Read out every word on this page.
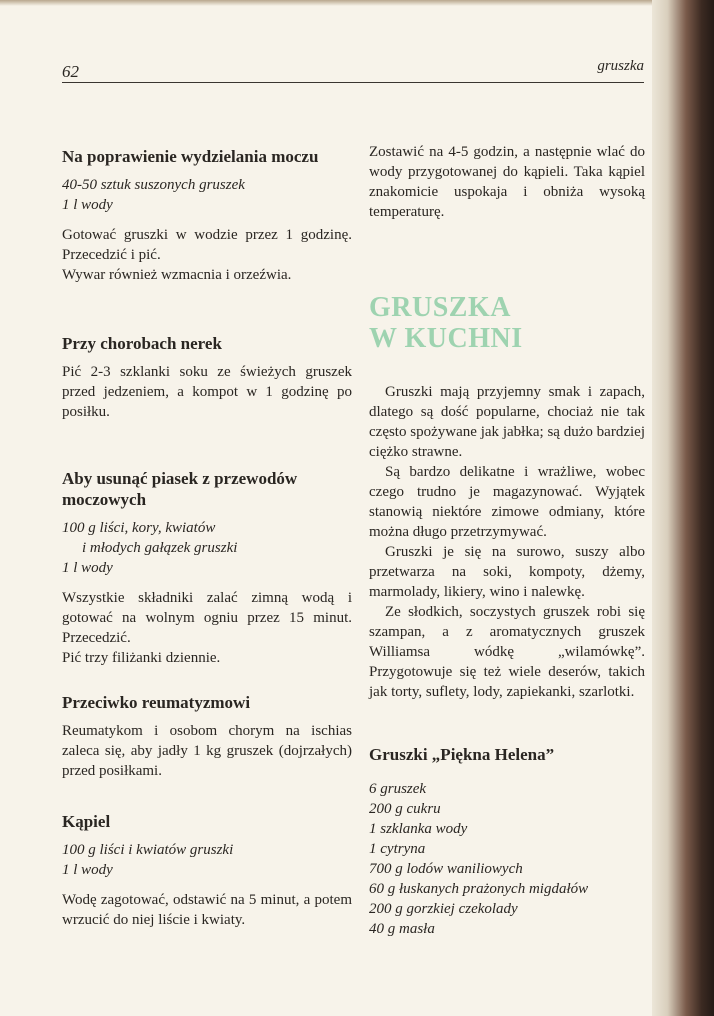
62	gruszka
Na poprawienie wydzielania moczu
40-50 sztuk suszonych gruszek
1 l wody

Gotować gruszki w wodzie przez 1 godzinę. Przecedzić i pić.

Wywar również wzmacnia i orzeźwia.

Przy chorobach nerek

Pić 2-3 szklanki soku ze świeżych gruszek przed jedzeniem, a kompot w 1 godzinę po posiłku.

Aby usunąć piasek z przewodów moczowych
100 g liści, kory, kwiatów
i młodych gałązek gruszki
1 l wody

Wszystkie składniki zalać zimną wodą i gotować na wolnym ogniu przez 15 minut. Przecedzić.

Pić trzy filiżanki dziennie.

Przeciwko reumatyzmowi

Reumatykom i osobom chorym na ischias zaleca się, aby jadły 1 kg gruszek (dojrzałych) przed posiłkami.

Kąpiel
100 g liści i kwiatów gruszki
1 l wody

Wodę zagotować, odstawić na 5 minut, a potem wrzucić do niej liście i kwiaty.

Zostawić na 4-5 godzin, a następnie wlać do wody przygotowanej do kąpieli. Taka kąpiel znakomicie uspokaja i obniża wysoką temperaturę.

GRUSZKA
W KUCHNI

Gruszki mają przyjemny smak i zapach, dlatego są dość popularne, chociaż nie tak często spożywane jak jabłka; są dużo bardziej ciężko strawne.

Są bardzo delikatne i wrażliwe, wobec czego trudno je magazynować. Wyjątek stanowią niektóre zimowe odmiany, które można długo przetrzymywać.

Gruszki je się na surowo, suszy albo przetwarza na soki, kompoty, dżemy, marmolady, likiery, wino i nalewkę.

Ze słodkich, soczystych gruszek robi się szampan, a z aromatycznych gruszek Williamsa wódkę „wilamówkę”. Przygotowuje się też wiele deserów, takich jak torty, suflety, lody, zapiekanki, szarlotki.

Gruszki „Piękna Helena”
6 gruszek
200 g cukru
1 szklanka wody
1 cytryna
700 g lodów waniliowych
60 g łuskanych prażonych migdałów
200 g gorzkiej czekolady
40 g masła
